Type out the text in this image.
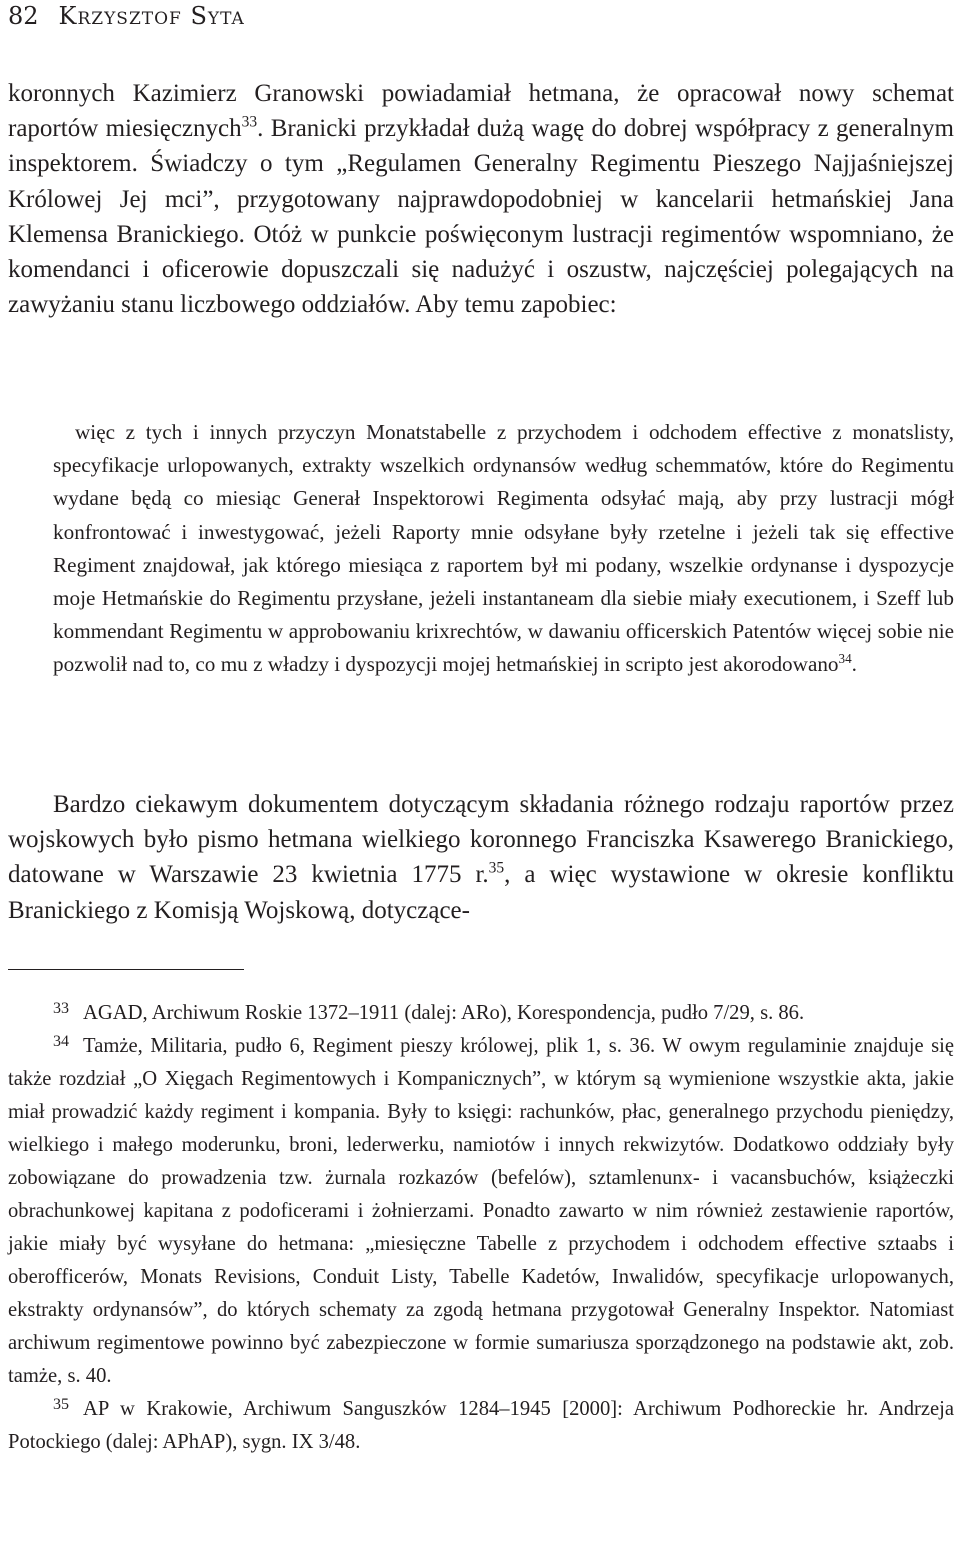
82 Krzysztof Syta

koronnych Kazimierz Granowski powiadamiał hetmana, że opracował nowy schemat raportów miesięcznych$^{33}$. Branicki przykładał dużą wagę do dobrej współpracy z generalnym inspektorem. Świadczy o tym „Regulamen Generalny Regimentu Pieszego Najjaśniejszej Królowej Jej mci”, przygotowany najprawdopodobniej w kancelarii hetmańskiej Jana Klemensa Branickiego. Otóż w punkcie poświęconym lustracji regimentów wspomniano, że komendanci i oficerowie dopuszczali się nadużyć i oszustw, najczęściej polegających na zawyżaniu stanu liczbowego oddziałów. Aby temu zapobiec:

więc z tych i innych przyczyn Monatstabelle z przychodem i odchodem effective z monatslisty, specyfikacje urlopowanych, extrakty wszelkich ordynansów według schemmatów, które do Regimentu wydane będą co miesiąc Generał Inspektorowi Regimenta odsyłać mają, aby przy lustracji mógł konfrontować i inwestygować, jeżeli Raporty mnie odsyłane były rzetelne i jeżeli tak się effective Regiment znajdował, jak którego miesiąca z raportem był mi podany, wszelkie ordynanse i dyspozycje moje Hetmańskie do Regimentu przysłane, jeżeli instantaneam dla siebie miały executionem, i Szeff lub kommendant Regimentu w approbowaniu krixrechtów, w dawaniu officerskich Patentów więcej sobie nie pozwolił nad to, co mu z władzy i dyspozycji mojej hetmańskiej in scripto jest akorodowano$^{34}$.

Bardzo ciekawym dokumentem dotyczącym składania różnego rodzaju raportów przez wojskowych było pismo hetmana wielkiego koronnego Franciszka Ksawerego Branickiego, datowane w Warszawie 23 kwietnia 1775 r.$^{35}$, a więc wystawione w okresie konfliktu Branickiego z Komisją Wojskową, dotyczące-

$^{33}$ AGAD, Archiwum Roskie 1372–1911 (dalej: ARo), Korespondencja, pudło 7/29, s. 86.

$^{34}$ Tamże, Militaria, pudło 6, Regiment pieszy królowej, plik 1, s. 36. W owym regulaminie znajduje się także rozdział „O Xięgach Regimentowych i Kompanicznych”, w którym są wymienione wszystkie akta, jakie miał prowadzić każdy regiment i kompania. Były to księgi: rachunków, płac, generalnego przychodu pieniędzy, wielkiego i małego moderunku, broni, lederwerku, namiotów i innych rekwizytów. Dodatkowo oddziały były zobowiązane do prowadzenia tzw. żurnala rozkazów (befelów), sztamlenunx- i vacansbuchów, książeczki obrachunkowej kapitana z podoficerami i żołnierzami. Ponadto zawarto w nim również zestawienie raportów, jakie miały być wysyłane do hetmana: „miesięczne Tabelle z przychodem i odchodem effective sztaabs i oberofficerów, Monats Revisions, Conduit Listy, Tabelle Kadetów, Inwalidów, specyfikacje urlopowanych, ekstrakty ordynansów”, do których schematy za zgodą hetmana przygotował Generalny Inspektor. Natomiast archiwum regimentowe powinno być zabezpieczone w formie sumariusza sporządzonego na podstawie akt, zob. tamże, s. 40.

$^{35}$ AP w Krakowie, Archiwum Sanguszków 1284–1945 [2000]: Archiwum Podhoreckie hr. Andrzeja Potockiego (dalej: APhAP), sygn. IX 3/48.
